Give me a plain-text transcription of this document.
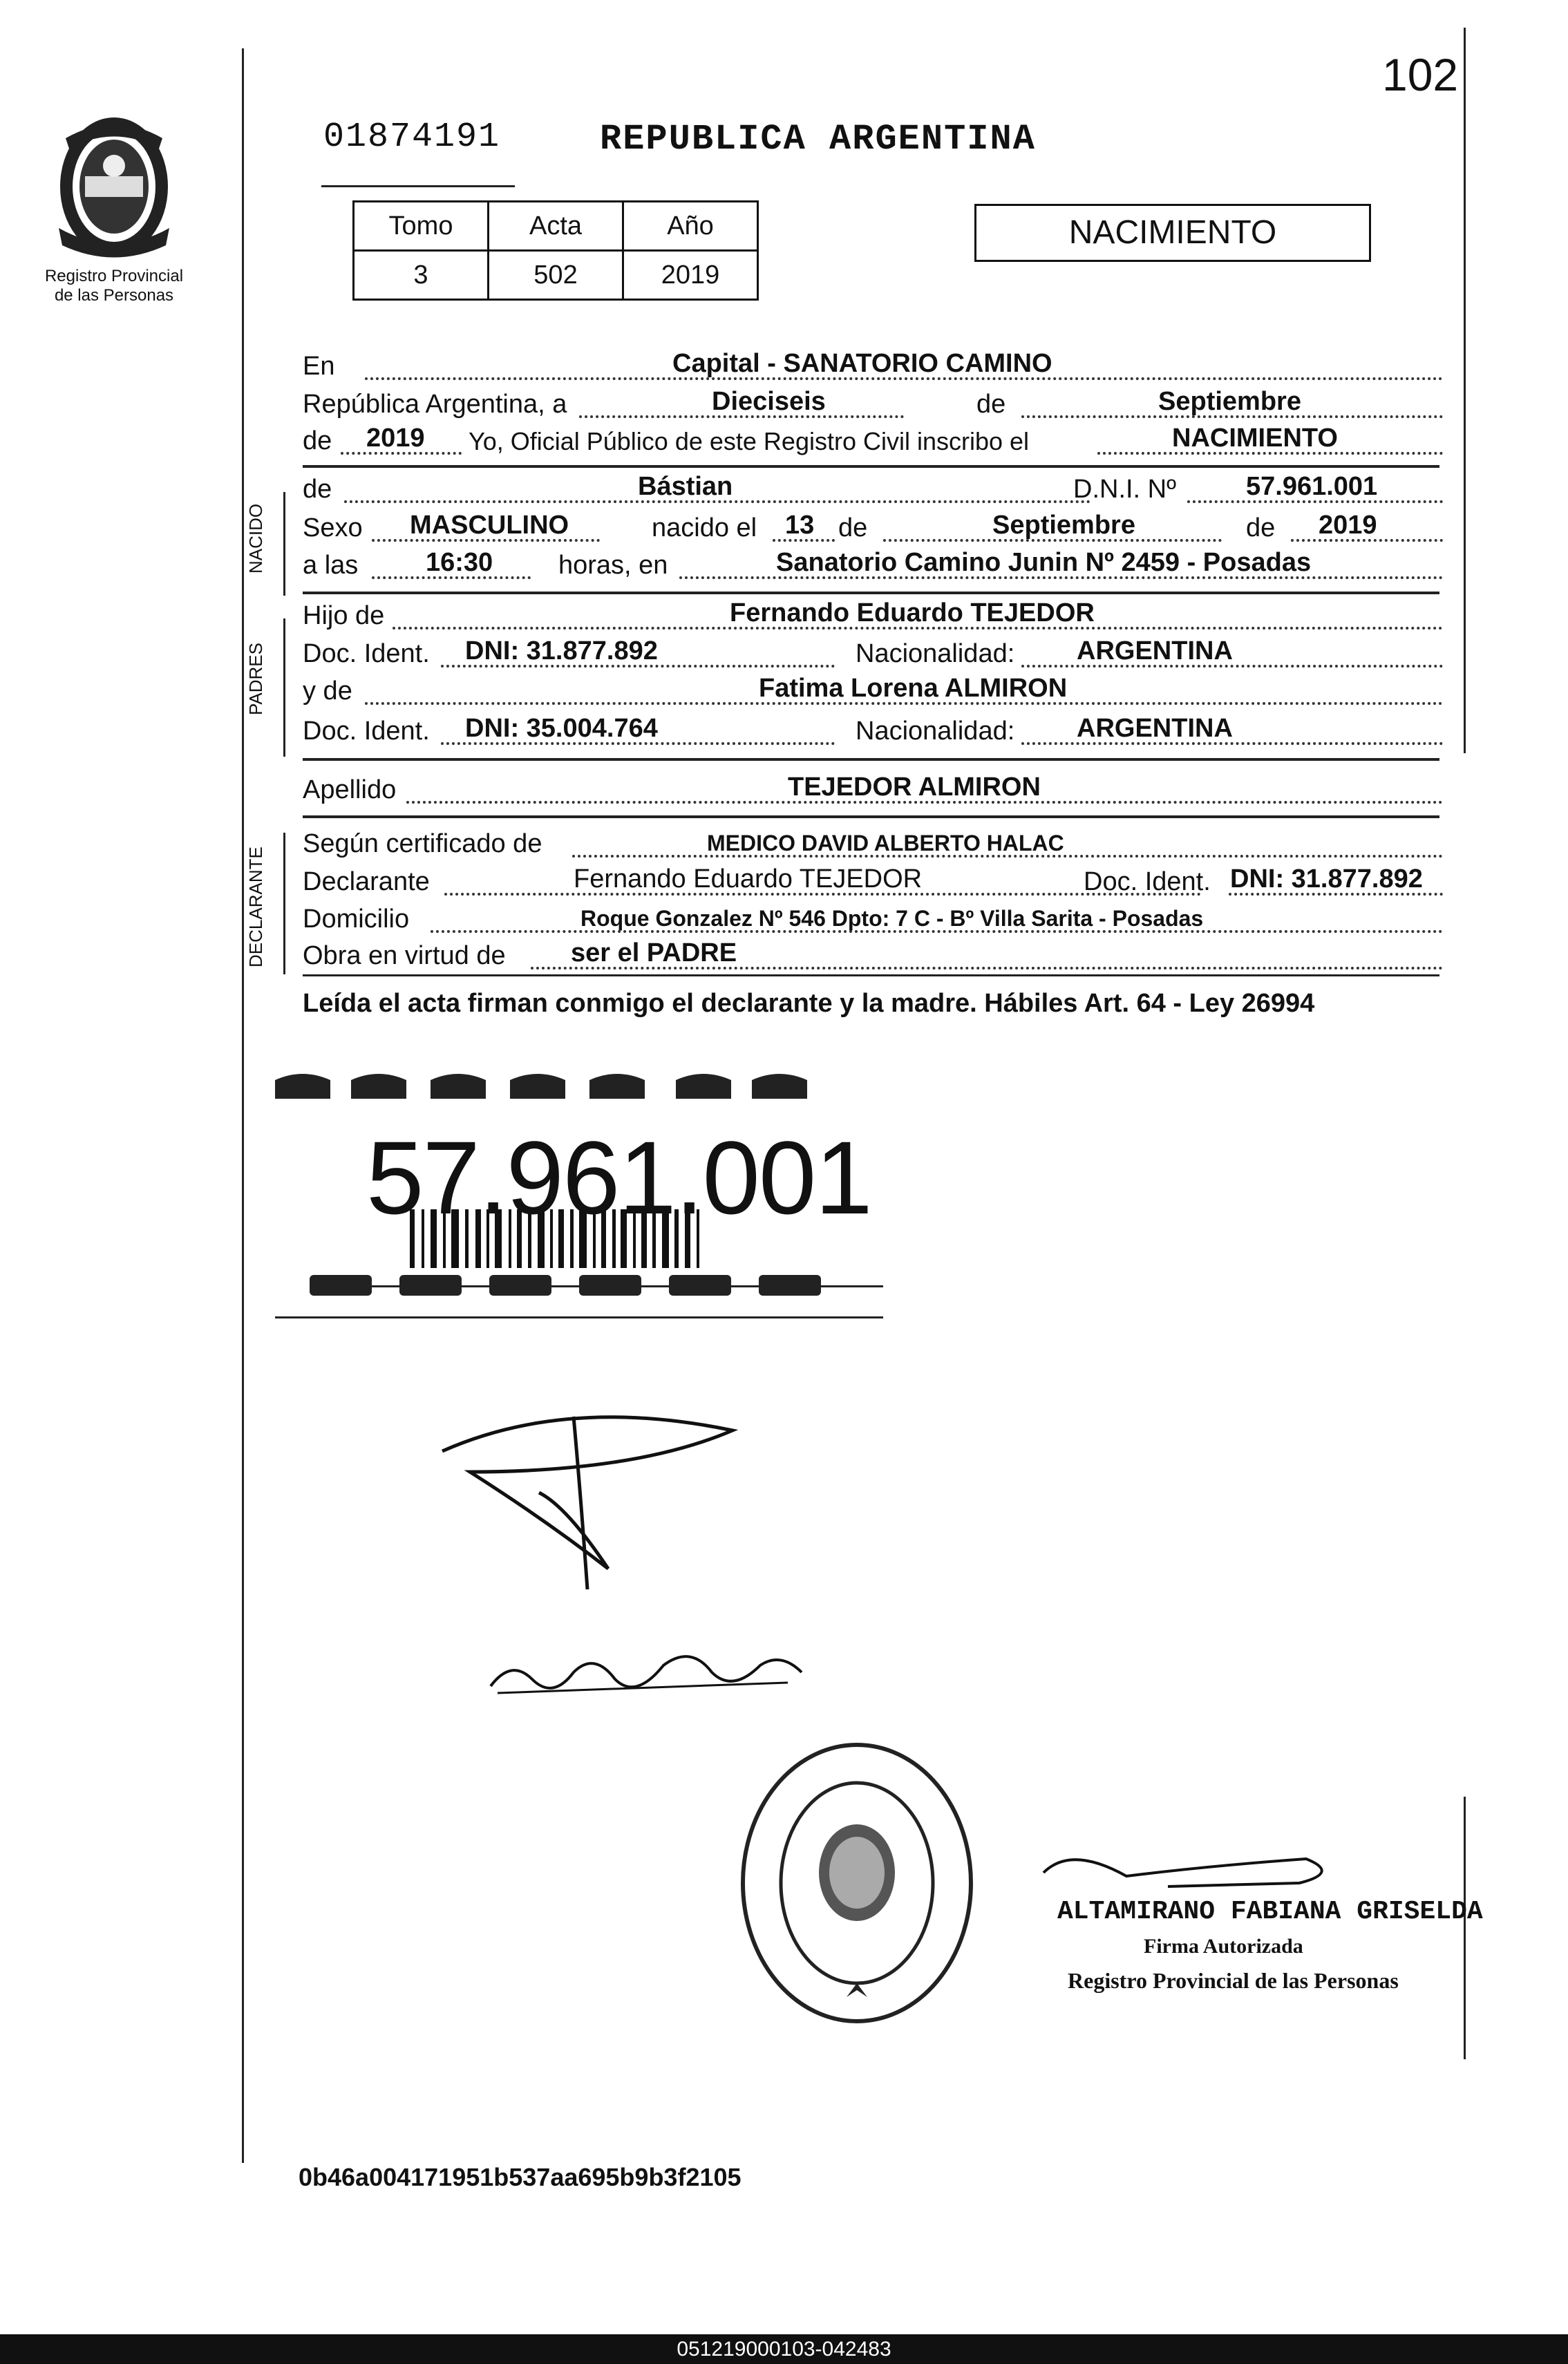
Registro Provincial
de las Personas
102
01874191	REPUBLICA ARGENTINA
Tomo	Acta	Año
3	502	2019
NACIMIENTO
En	Capital - SANATORIO CAMINO
República Argentina, a	Dieciseis	de	Septiembre
de 2019 Yo, Oficial Público de este Registro Civil inscribo el	NACIMIENTO
NACIDO
de	Bástian	D.N.I. Nº	57.961.001
Sexo MASCULINO	nacido el 13 de	Septiembre	de 2019
a las	16:30 horas, en	Sanatorio Camino Junin Nº 2459 - Posadas
PADRES
Hijo de	Fernando Eduardo TEJEDOR
Doc. Ident. DNI: 31.877.892	Nacionalidad: ARGENTINA
y de	Fatima Lorena ALMIRON
Doc. Ident. DNI: 35.004.764	Nacionalidad: ARGENTINA
Apellido	TEJEDOR ALMIRON
DECLARANTE
Según certificado de	MEDICO DAVID ALBERTO HALAC
Declarante	Fernando Eduardo TEJEDOR	Doc. Ident. DNI: 31.877.892
Domicilio	Roque Gonzalez Nº 546 Dpto: 7 C - Bº Villa Sarita - Posadas
Obra en virtud de ser el PADRE
Leída el acta firman conmigo el declarante y la madre. Hábiles Art. 64 - Ley 26994
57.961.001
ALTAMIRANO FABIANA GRISELDA
Firma Autorizada
Registro Provincial de las Personas
0b46a004171951b537aa695b9b3f2105
051219000103-042483
